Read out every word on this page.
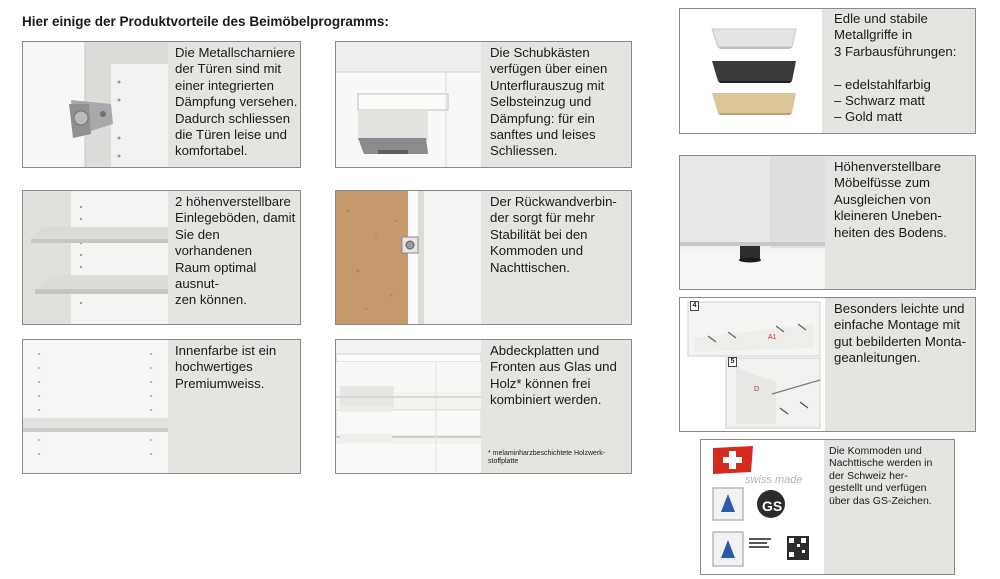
Hier einige der Produktvorteile des Beimöbelprogramms:
Die Metallscharniere
der Türen sind mit
einer integrierten
Dämpfung versehen.
Dadurch schliessen
die Türen leise und
komfortabel.
Die Schubkästen
verfügen über einen
Unterflurauszug mit
Selbsteinzug und
Dämpfung: für ein
sanftes und leises
Schliessen.
2 höhenverstellbare
Einlegeböden, damit
Sie den vorhandenen
Raum optimal ausnut-
zen können.
Der Rückwandverbin-
der sorgt für mehr
Stabilität bei den
Kommoden und
Nachttischen.
Innenfarbe ist ein
hochwertiges
Premiumweiss.
Abdeckplatten und
Fronten aus Glas und
Holz* können frei
kombiniert werden.
* melaminharzbeschichtete Holzwerk-
stoffplatte
Edle und stabile
Metallgriffe in
3 Farbausführungen:

– edelstahlfarbig
– Schwarz matt
– Gold matt
Höhenverstellbare
Möbelfüsse zum
Ausgleichen von
kleineren Uneben-
heiten des Bodens.
4
5
A1
D
Besonders leichte und
einfache Montage mit
gut bebilderten Monta-
geanleitungen.
swiss made
GS
Die Kommoden und
Nachttische werden in
der Schweiz her-
gestellt und verfügen
über das GS-Zeichen.
